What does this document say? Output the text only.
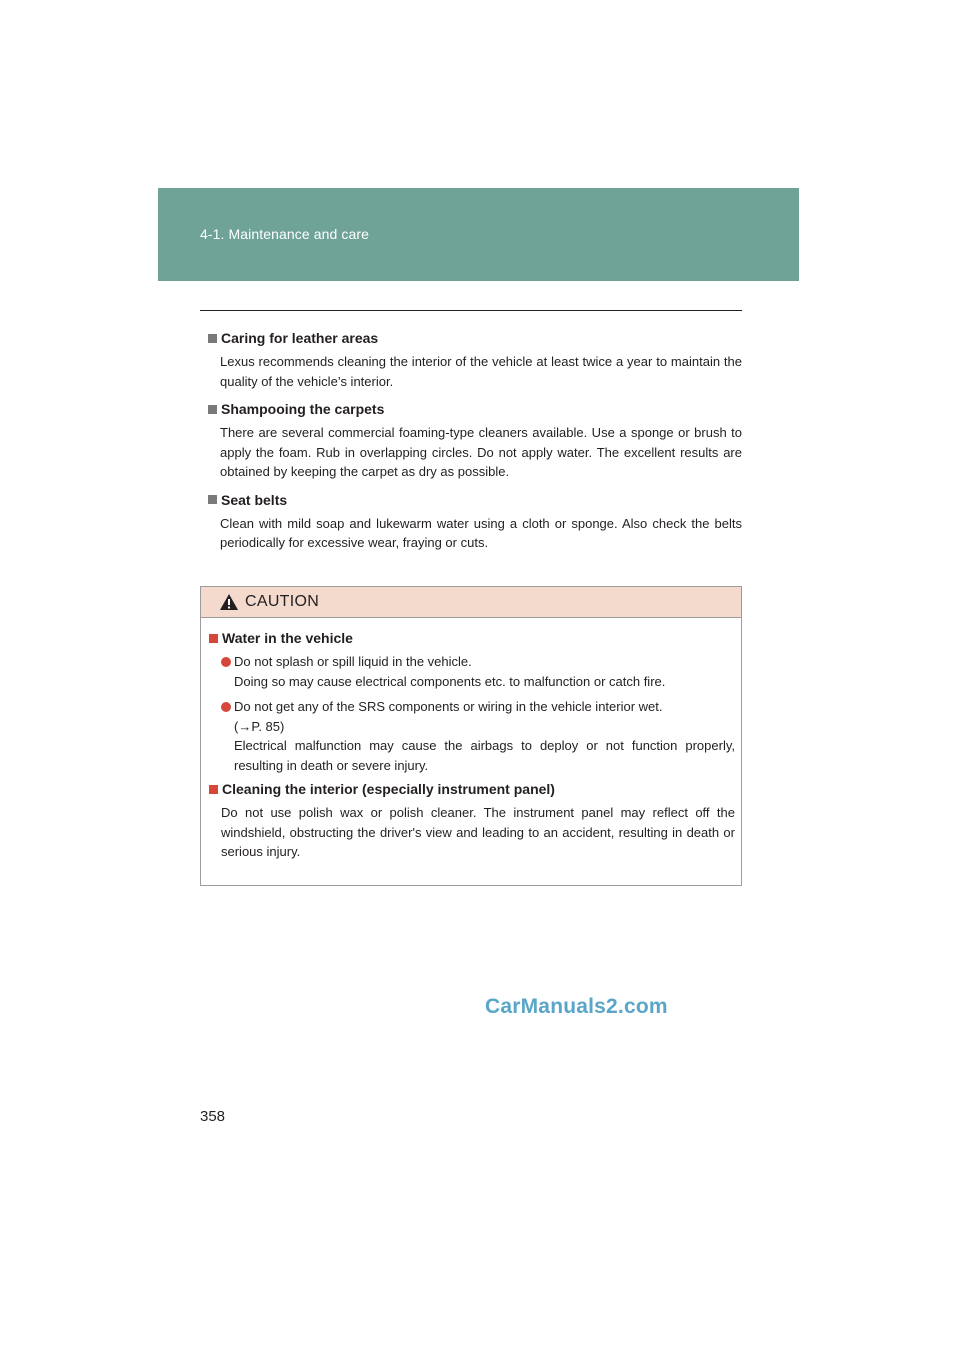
4-1. Maintenance and care
Caring for leather areas
Lexus recommends cleaning the interior of the vehicle at least twice a year to maintain the quality of the vehicle’s interior.
Shampooing the carpets
There are several commercial foaming-type cleaners available. Use a sponge or brush to apply the foam. Rub in overlapping circles. Do not apply water. The excellent results are obtained by keeping the carpet as dry as possible.
Seat belts
Clean with mild soap and lukewarm water using a cloth or sponge. Also check the belts periodically for excessive wear, fraying or cuts.
CAUTION
Water in the vehicle
Do not splash or spill liquid in the vehicle.
Doing so may cause electrical components etc. to malfunction or catch fire.
Do not get any of the SRS components or wiring in the vehicle interior wet.
(→P. 85)
Electrical malfunction may cause the airbags to deploy or not function properly, resulting in death or severe injury.
Cleaning the interior (especially instrument panel)
Do not use polish wax or polish cleaner. The instrument panel may reflect off the windshield, obstructing the driver's view and leading to an accident, resulting in death or serious injury.
CarManuals2.com
358
